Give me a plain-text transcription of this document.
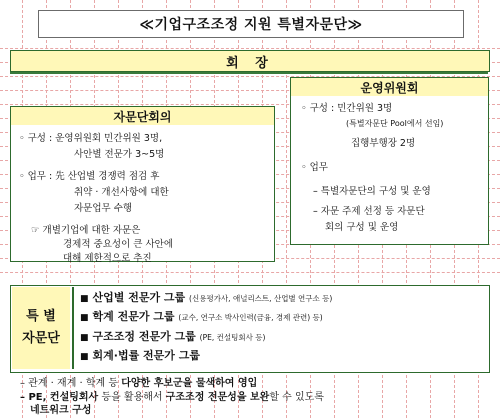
≪기업구조조정 지원 특별자문단≫
회 장
운영위원회
◦ 구성 : 민간위원 3명
(특별자문단 Pool에서 선임)
집행부행장 2명
◦ 업무
– 특별자문단의 구성 및 운영
– 자문 주제 선정 등 자문단
회의 구성 및 운영
자문단회의
◦ 구성 : 운영위원회 민간위원 3명,
사안별 전문가 3~5명
◦ 업무 : 先 산업별 경쟁력 점검 후
취약 · 개선사항에 대한
자문업무 수행
☞ 개별기업에 대한 자문은
경제적 중요성이 큰 사안에
대해 제한적으로 추진
특 별
자문단
■ 산업별 전문가 그룹 (신용평가사, 애널리스트, 산업별 연구소 등)
■ 학계 전문가 그룹 (교수, 연구소 박사인력(금융, 경제 관련) 등)
■ 구조조정 전문가 그룹 (PE, 컨설팅회사 등)
■ 회계·법률 전문가 그룹
– 관계 · 재계 · 학계 등 다양한 후보군을 물색하여 영입
– PE, 컨설팅회사 등을 활용해서 구조조정 전문성을 보완할 수 있도록
네트워크 구성
